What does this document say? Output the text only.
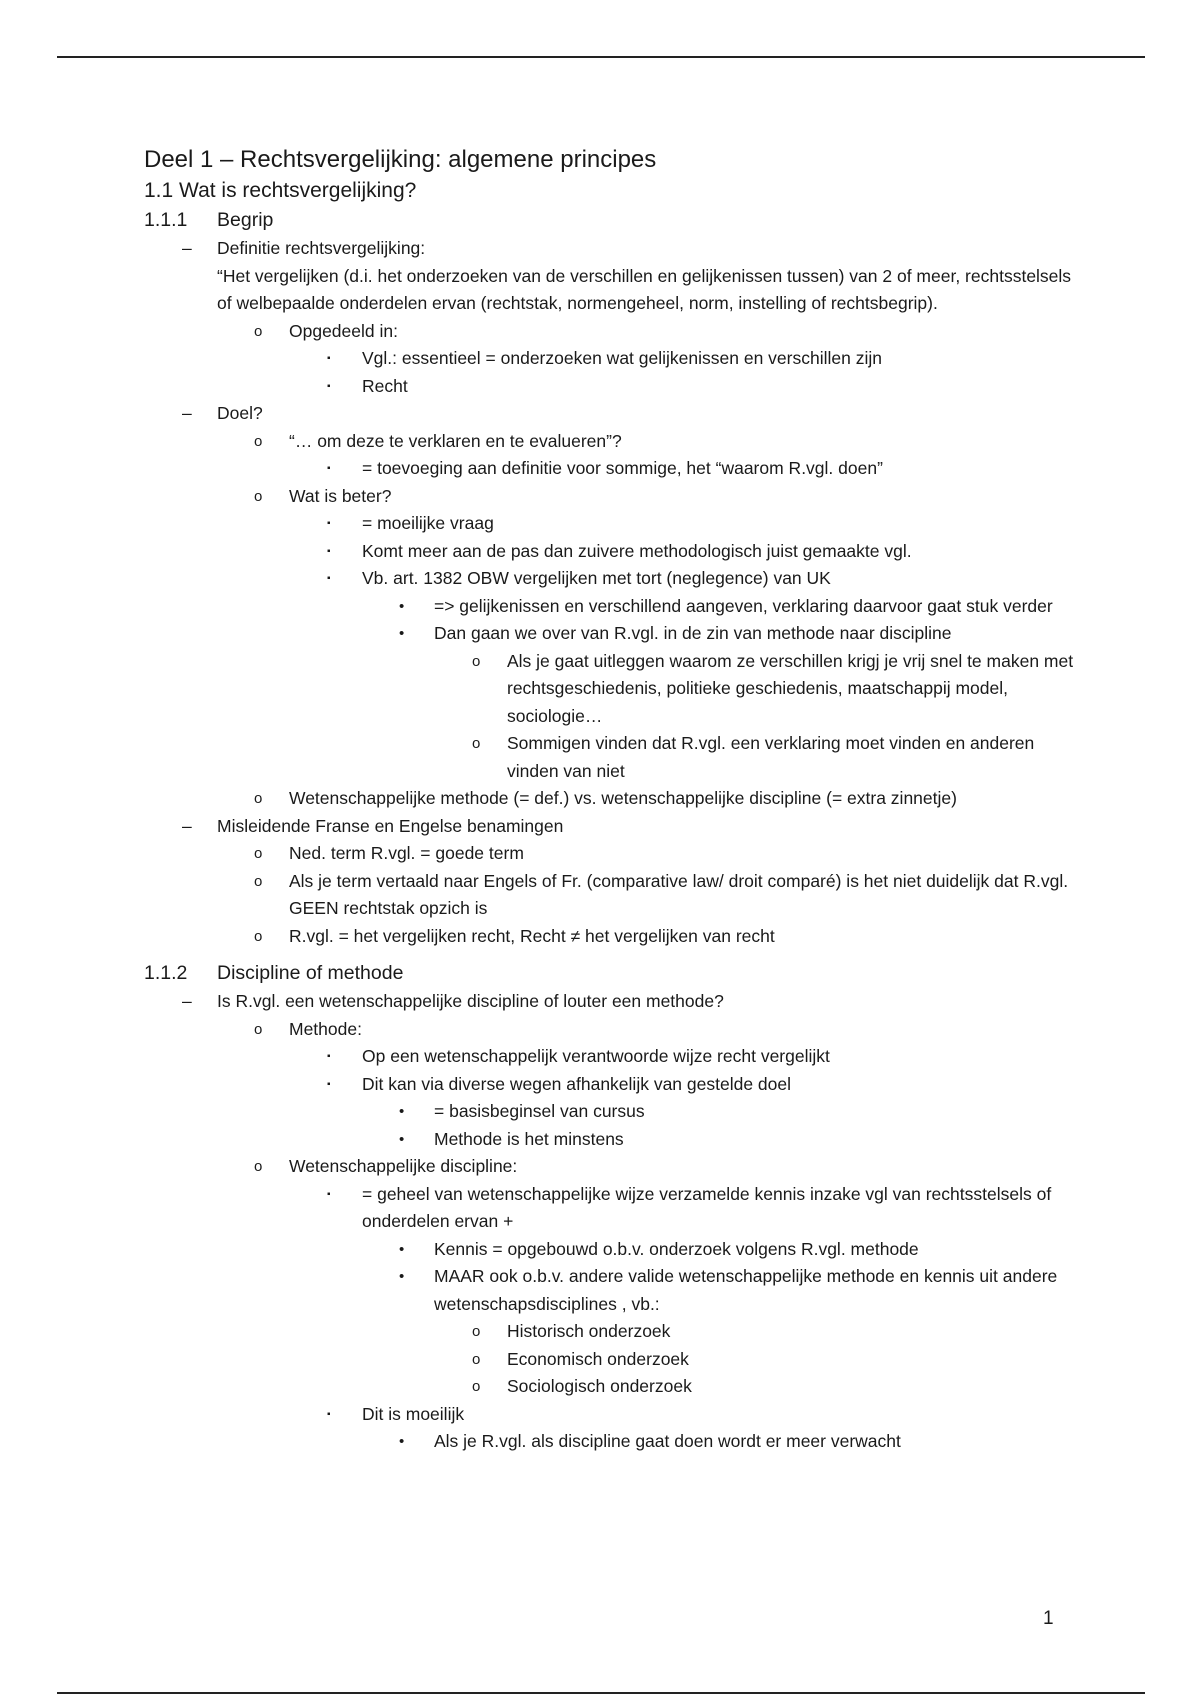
Deel 1 – Rechtsvergelijking: algemene principes
1.1 Wat is rechtsvergelijking?
1.1.1 Begrip
– Definitie rechtsvergelijking:
“Het vergelijken (d.i. het onderzoeken van de verschillen en gelijkenissen tussen) van 2 of meer, rechtsstelsels of welbepaalde onderdelen ervan (rechtstak, normengeheel, norm, instelling of rechtsbegrip).
o Opgedeeld in:
▪ Vgl.: essentieel = onderzoeken wat gelijkenissen en verschillen zijn
▪ Recht
– Doel?
o “… om deze te verklaren en te evalueren”?
▪ = toevoeging aan definitie voor sommige, het “waarom R.vgl. doen”
o Wat is beter?
▪ = moeilijke vraag
▪ Komt meer aan de pas dan zuivere methodologisch juist gemaakte vgl.
▪ Vb. art. 1382 OBW vergelijken met tort (neglegence) van UK
• => gelijkenissen en verschillend aangeven, verklaring daarvoor gaat stuk verder
• Dan gaan we over van R.vgl. in de zin van methode naar discipline
o Als je gaat uitleggen waarom ze verschillen krigj je vrij snel te maken met rechtsgeschiedenis, politieke geschiedenis, maatschappij model, sociologie…
o Sommigen vinden dat R.vgl. een verklaring moet vinden en anderen vinden van niet
o Wetenschappelijke methode (= def.) vs. wetenschappelijke discipline (= extra zinnetje)
– Misleidende Franse en Engelse benamingen
o Ned. term R.vgl. = goede term
o Als je term vertaald naar Engels of Fr. (comparative law/ droit comparé) is het niet duidelijk dat R.vgl. GEEN rechtstak opzich is
o R.vgl. = het vergelijken recht, Recht ≠ het vergelijken van recht
1.1.2 Discipline of methode
– Is R.vgl. een wetenschappelijke discipline of louter een methode?
o Methode:
▪ Op een wetenschappelijk verantwoorde wijze recht vergelijkt
▪ Dit kan via diverse wegen afhankelijk van gestelde doel
• = basisbeginsel van cursus
• Methode is het minstens
o Wetenschappelijke discipline:
▪ = geheel van wetenschappelijke wijze verzamelde kennis inzake vgl van rechtsstelsels of onderdelen ervan +
• Kennis = opgebouwd o.b.v. onderzoek volgens R.vgl. methode
• MAAR ook o.b.v. andere valide wetenschappelijke methode en kennis uit andere wetenschapsdisciplines , vb.:
o Historisch onderzoek
o Economisch onderzoek
o Sociologisch onderzoek
▪ Dit is moeilijk
• Als je R.vgl. als discipline gaat doen wordt er meer verwacht
1
